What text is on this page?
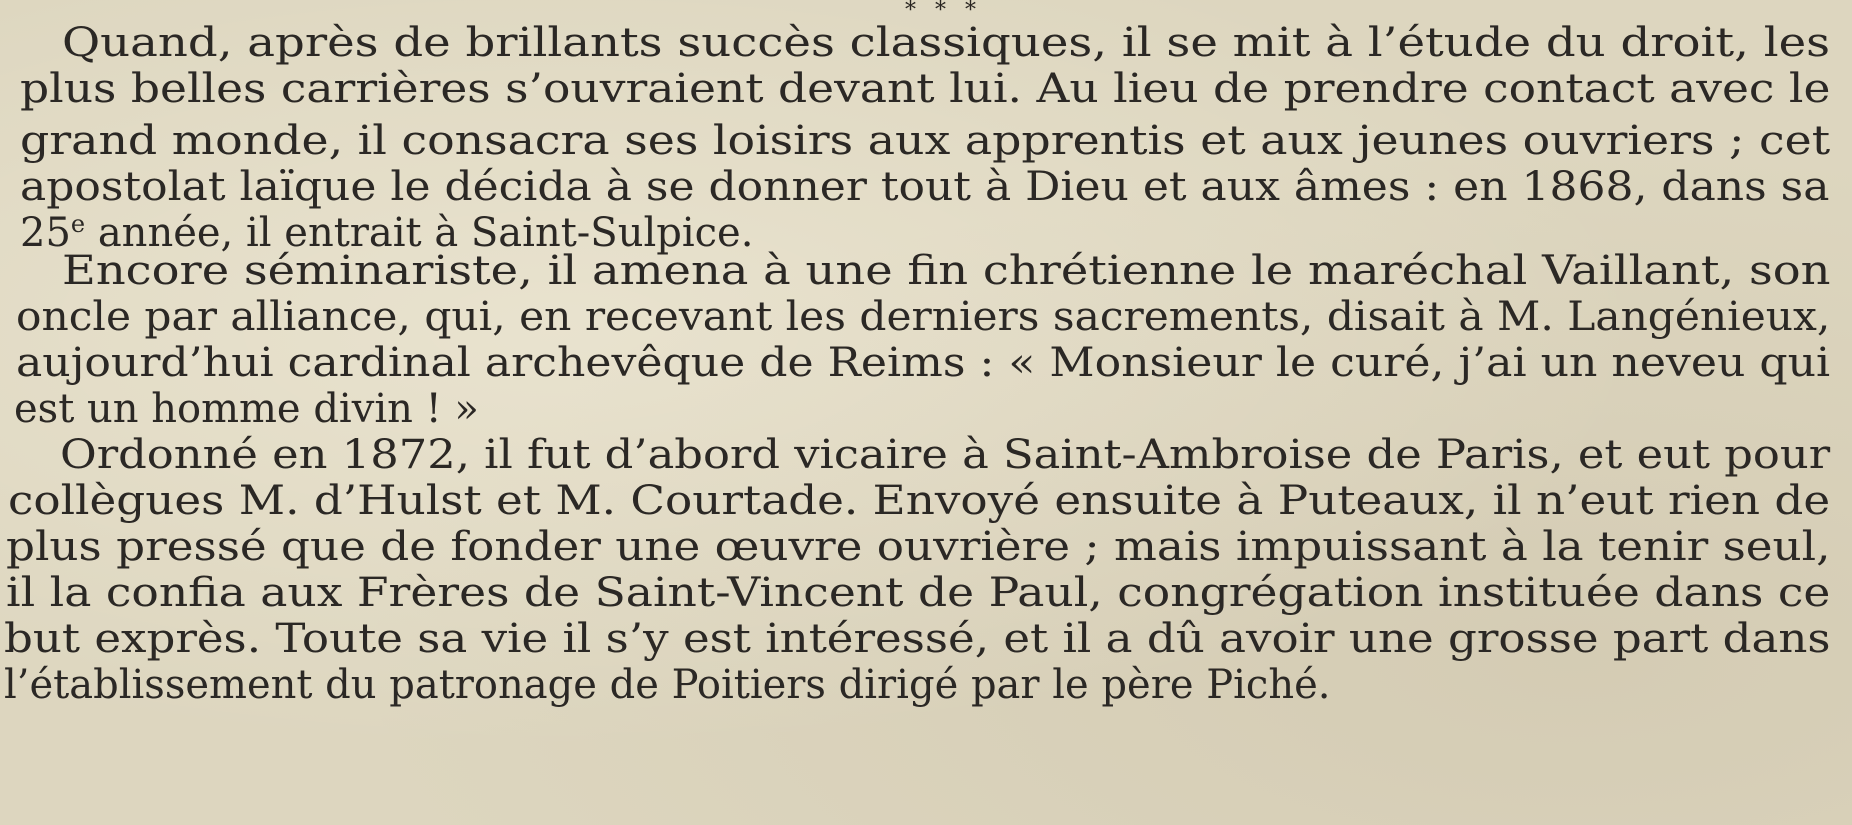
* * *
Quand, après de brillants succès classiques, il se mit à l’étude du droit, les
plus belles carrières s’ouvraient devant lui. Au lieu de prendre contact avec le
grand monde, il consacra ses loisirs aux apprentis et aux jeunes ouvriers ; cet
apostolat laïque le décida à se donner tout à Dieu et aux âmes : en 1868, dans sa
25e année, il entrait à Saint-Sulpice.
Encore séminariste, il amena à une fin chrétienne le maréchal Vaillant, son
oncle par alliance, qui, en recevant les derniers sacrements, disait à M. Langénieux,
aujourd’hui cardinal archevêque de Reims : « Monsieur le curé, j’ai un neveu qui
est un homme divin ! »
Ordonné en 1872, il fut d’abord vicaire à Saint-Ambroise de Paris, et eut pour
collègues M. d’Hulst et M. Courtade. Envoyé ensuite à Puteaux, il n’eut rien de
plus pressé que de fonder une œuvre ouvrière ; mais impuissant à la tenir seul,
il la confia aux Frères de Saint-Vincent de Paul, congrégation instituée dans ce
but exprès. Toute sa vie il s’y est intéressé, et il a dû avoir une grosse part dans
l’établissement du patronage de Poitiers dirigé par le père Piché.
